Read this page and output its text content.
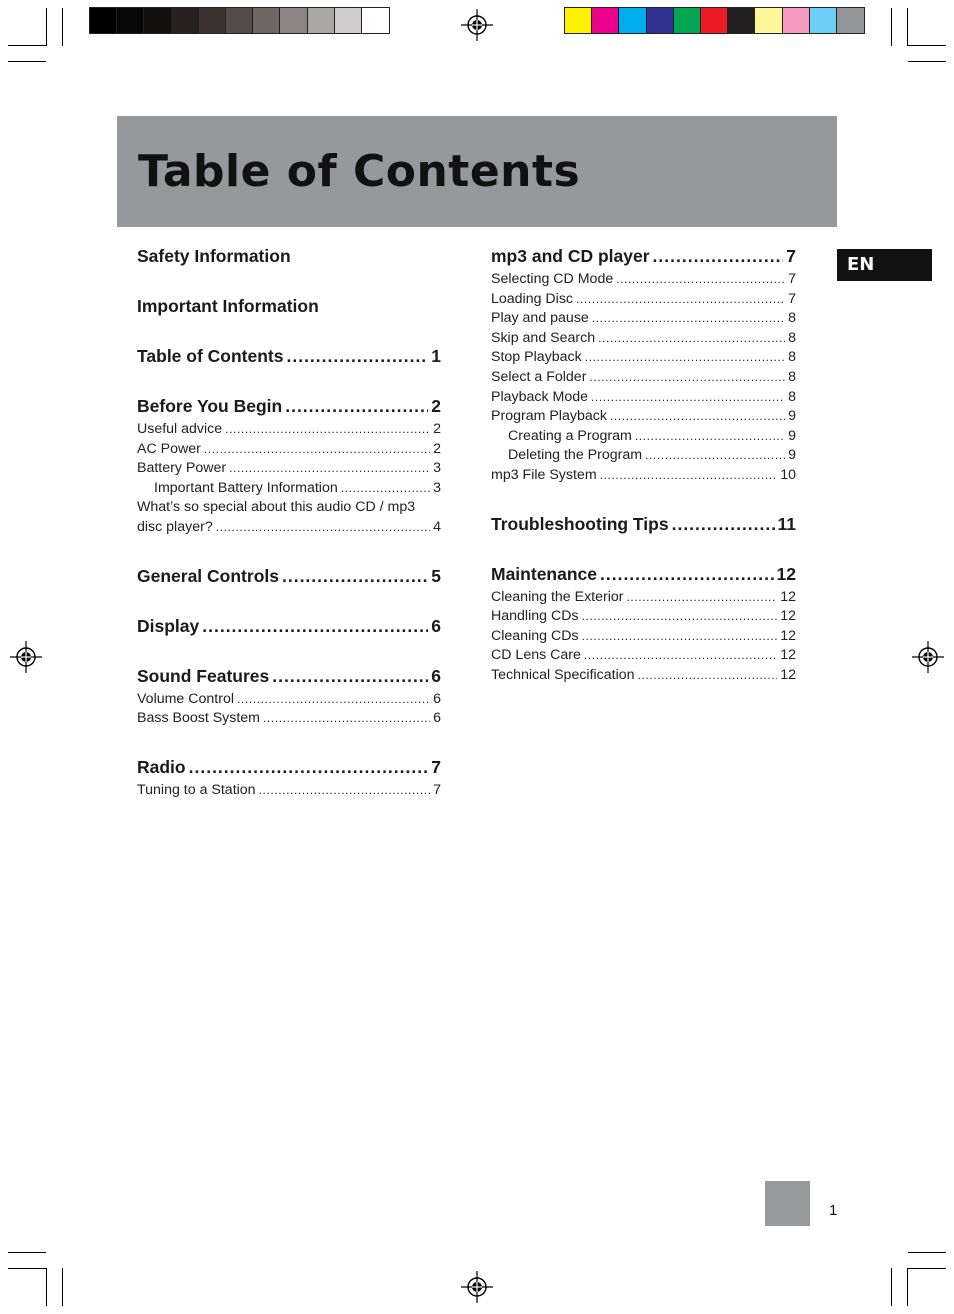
Table of Contents
EN
Safety Information
Important Information
Table of Contents .....	1
Before You Begin .....	2
Useful advice .....	2
AC Power .....	2
Battery Power .....	3
Important Battery Information .....	3
What’s so special about this audio CD / mp3
disc player? .....	4
General Controls .....	5
Display .....	6
Sound Features .....	6
Volume Control .....	6
Bass Boost System .....	6
Radio .....	7
Tuning to a Station .....	7
mp3 and CD player .....	7
Selecting CD Mode .....	7
Loading Disc .....	7
Play and pause .....	8
Skip and Search .....	8
Stop Playback .....	8
Select a Folder .....	8
Playback Mode .....	8
Program Playback .....	9
Creating a Program .....	9
Deleting the Program .....	9
mp3 File System .....	10
Troubleshooting Tips .....	11
Maintenance .....	12
Cleaning the Exterior .....	12
Handling CDs .....	12
Cleaning CDs .....	12
CD Lens Care .....	12
Technical Specification .....	12
1
